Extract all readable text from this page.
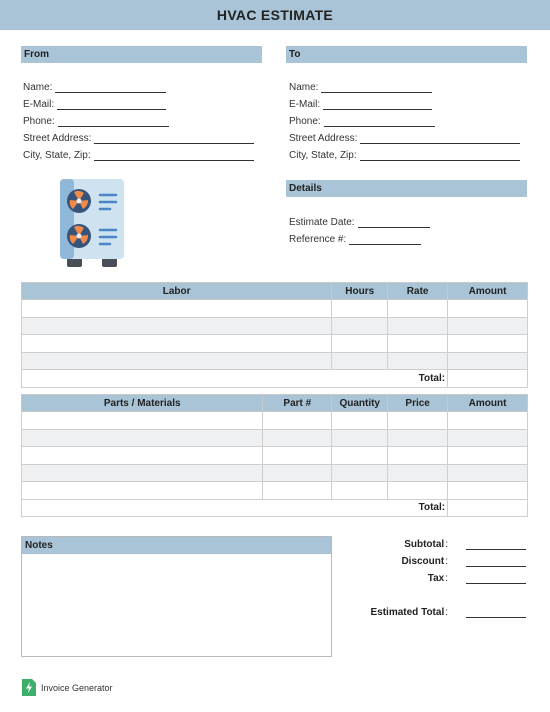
HVAC ESTIMATE
From
Name:
E-Mail:
Phone:
Street Address:
City, State, Zip:
To
Name:
E-Mail:
Phone:
Street Address:
City, State, Zip:
Details
Estimate Date:
Reference #:
Labor	Hours	Rate	Amount

Total:			
Parts / Materials	Part #	Quantity	Price	Amount

Total:				
Notes	Subtotal :
Discount :
Tax :
Estimated Total :
Invoice Generator
